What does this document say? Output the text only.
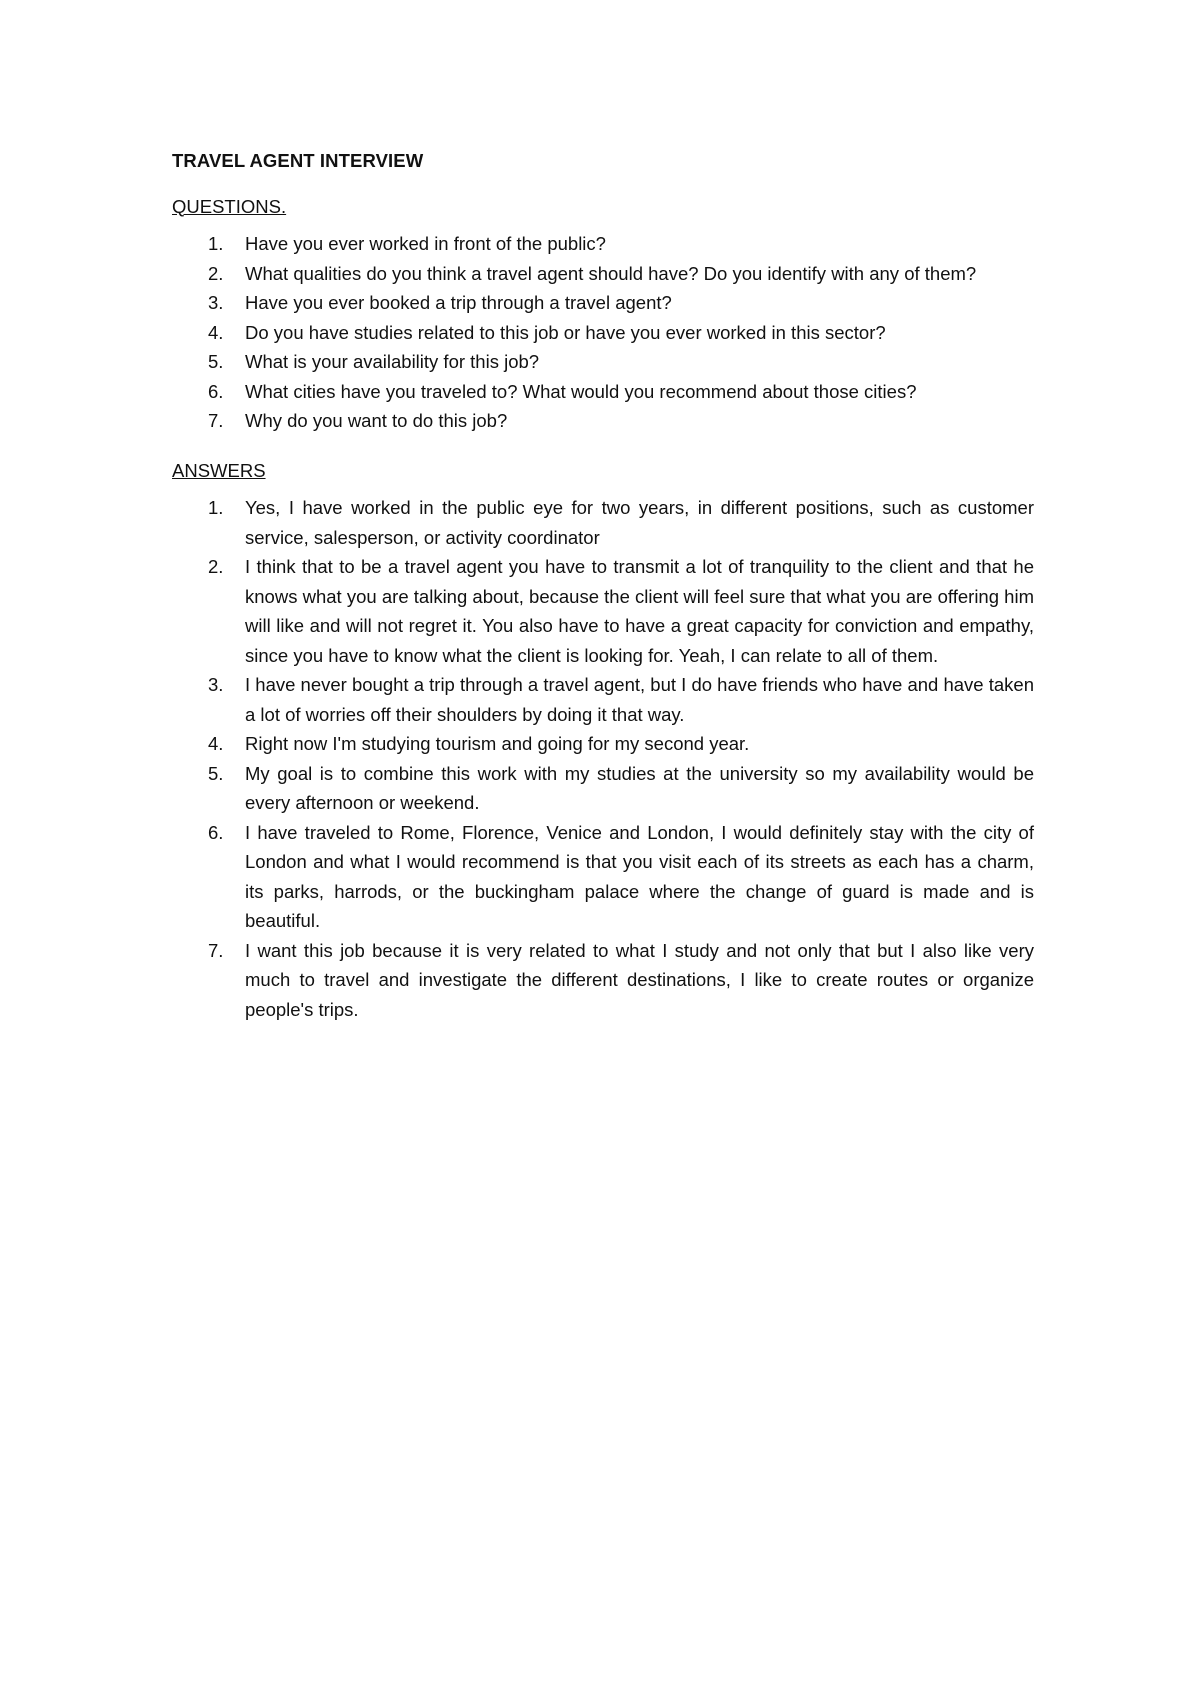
TRAVEL AGENT INTERVIEW
QUESTIONS.
1. Have you ever worked in front of the public?
2. What qualities do you think a travel agent should have? Do you identify with any of them?
3. Have you ever booked a trip through a travel agent?
4. Do you have studies related to this job or have you ever worked in this sector?
5. What is your availability for this job?
6. What cities have you traveled to? What would you recommend about those cities?
7. Why do you want to do this job?
ANSWERS
1. Yes, I have worked in the public eye for two years, in different positions, such as customer service, salesperson, or activity coordinator
2. I think that to be a travel agent you have to transmit a lot of tranquility to the client and that he knows what you are talking about, because the client will feel sure that what you are offering him will like and will not regret it. You also have to have a great capacity for conviction and empathy, since you have to know what the client is looking for. Yeah, I can relate to all of them.
3. I have never bought a trip through a travel agent, but I do have friends who have and have taken a lot of worries off their shoulders by doing it that way.
4. Right now I'm studying tourism and going for my second year.
5. My goal is to combine this work with my studies at the university so my availability would be every afternoon or weekend.
6. I have traveled to Rome, Florence, Venice and London, I would definitely stay with the city of London and what I would recommend is that you visit each of its streets as each has a charm, its parks, harrods, or the buckingham palace where the change of guard is made and is beautiful.
7. I want this job because it is very related to what I study and not only that but I also like very much to travel and investigate the different destinations, I like to create routes or organize people's trips.
